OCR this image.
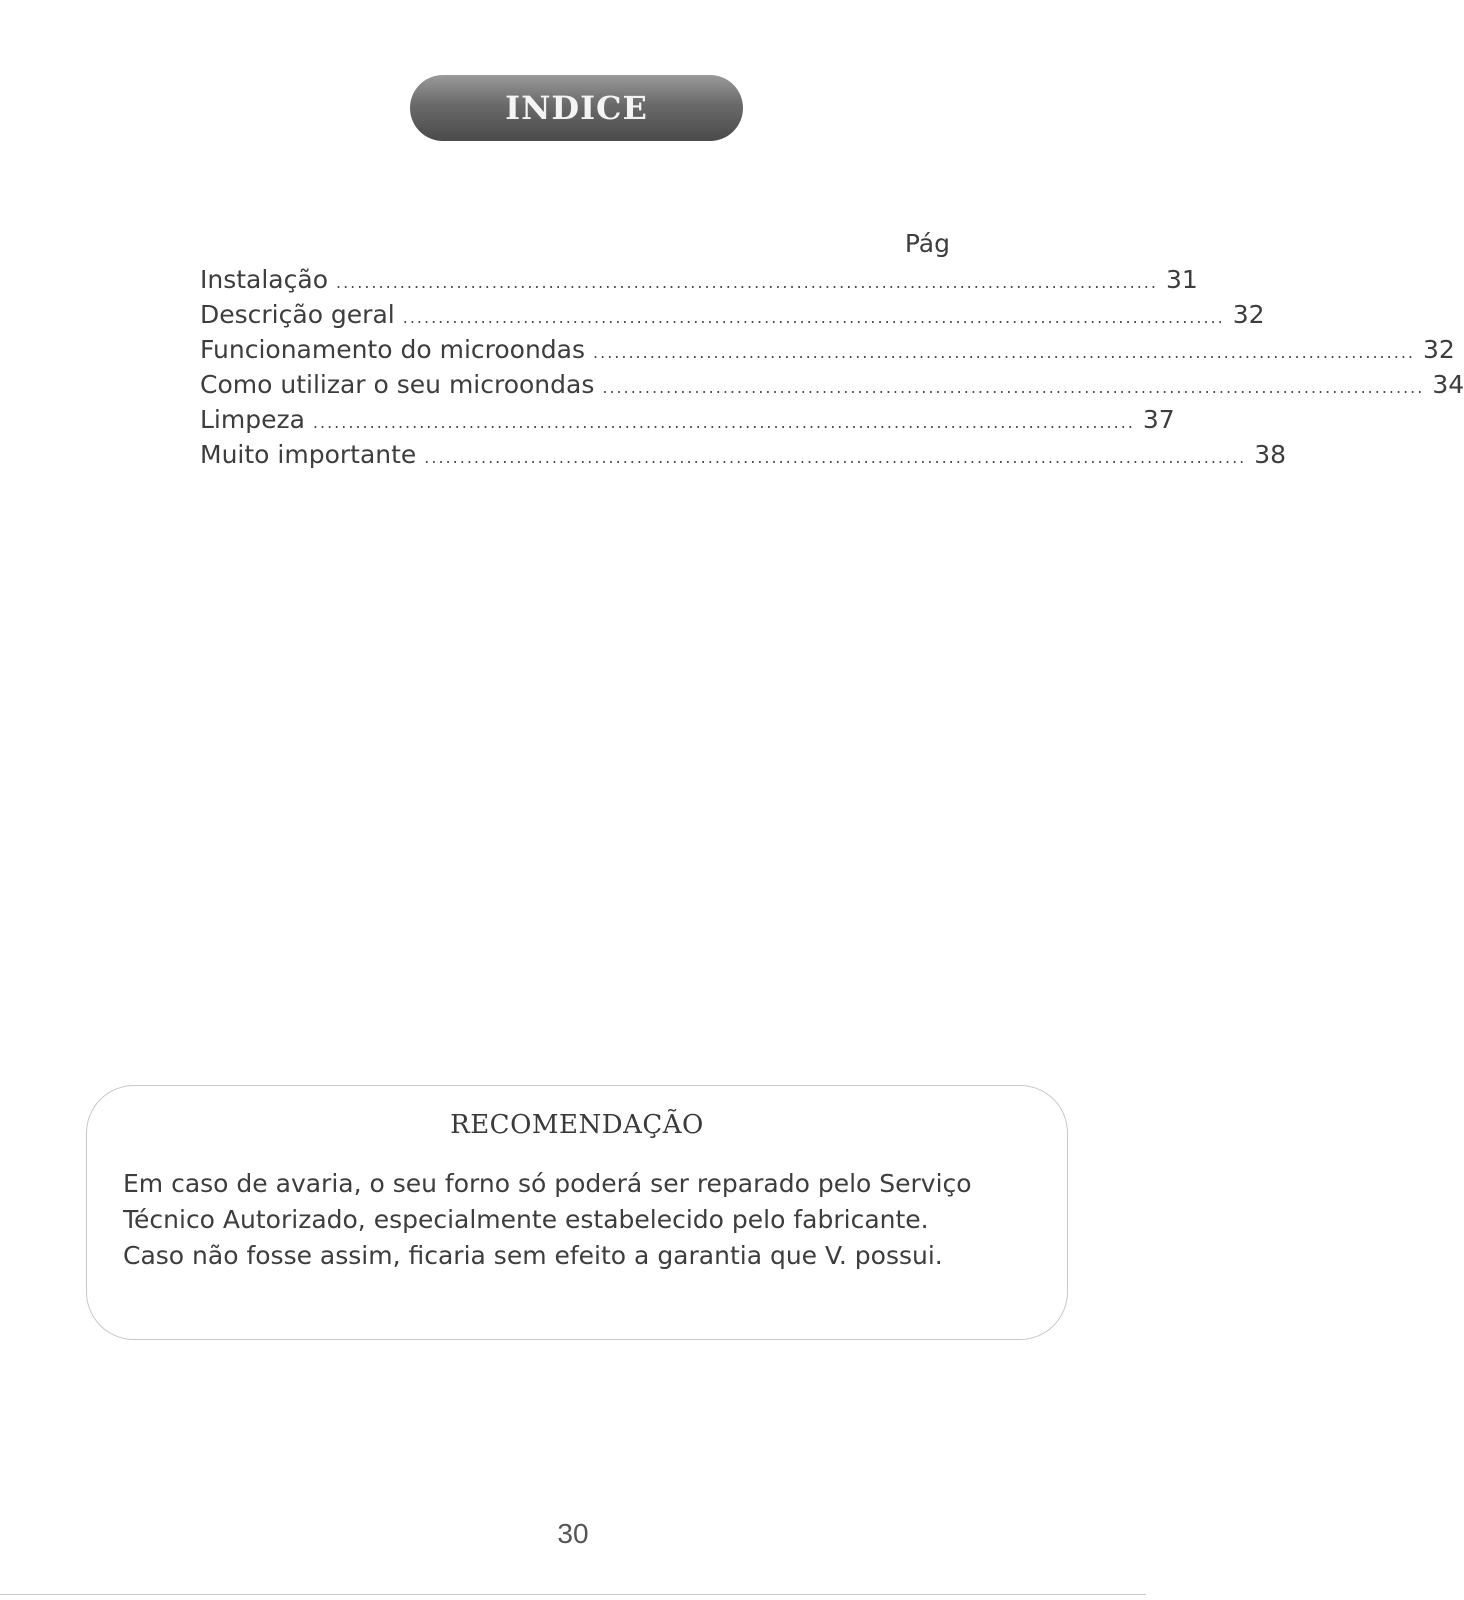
INDICE
Pág
Instalação .................................................................................................................... 31
Descrição geral .................................................................................................................... 32
Funcionamento do microondas .................................................................................................................... 32
Como utilizar o seu microondas .................................................................................................................... 34
Limpeza .................................................................................................................... 37
Muito importante .................................................................................................................... 38
RECOMENDAÇÃO

Em caso de avaria, o seu forno só poderá ser reparado pelo Serviço Técnico Autorizado, especialmente estabelecido pelo fabricante.

Caso não fosse assim, ficaria sem efeito a garantia que V. possui.

30
